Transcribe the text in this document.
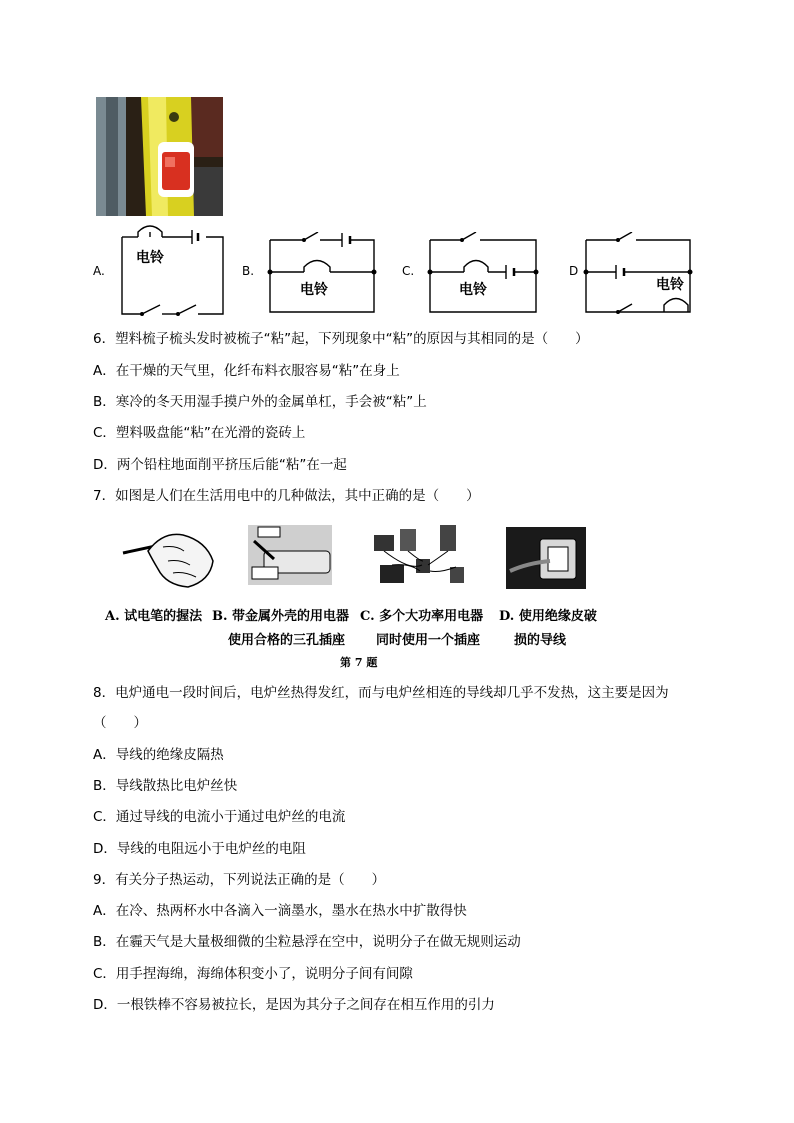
电铃
A.
电铃
B.
电铃
C.
电铃
D
6．塑料梳子梳头发时被梳子“粘”起，下列现象中“粘”的原因与其相同的是（　　）
A．在干燥的天气里，化纤布料衣服容易“粘”在身上
B．寒冷的冬天用湿手摸户外的金属单杠，手会被“粘”上
C．塑料吸盘能“粘”在光滑的瓷砖上
D．两个铅柱地面削平挤压后能“粘”在一起
7．如图是人们在生活用电中的几种做法，其中正确的是（　　）
A. 试电笔的握法 B. 带金属外壳的用电器
使用合格的三孔插座
C. 多个大功率用电器
同时使用一个插座
D. 使用绝缘皮破
损的导线
第 7 题
8．电炉通电一段时间后，电炉丝热得发红，而与电炉丝相连的导线却几乎不发热，这主要是因为
（　　）
A．导线的绝缘皮隔热
B．导线散热比电炉丝快
C．通过导线的电流小于通过电炉丝的电流
D．导线的电阻远小于电炉丝的电阻
9．有关分子热运动，下列说法正确的是（　　）
A．在冷、热两杯水中各滴入一滴墨水，墨水在热水中扩散得快
B．在霾天气是大量极细微的尘粒悬浮在空中，说明分子在做无规则运动
C．用手捏海绵，海绵体积变小了，说明分子间有间隙
D．一根铁棒不容易被拉长，是因为其分子之间存在相互作用的引力
